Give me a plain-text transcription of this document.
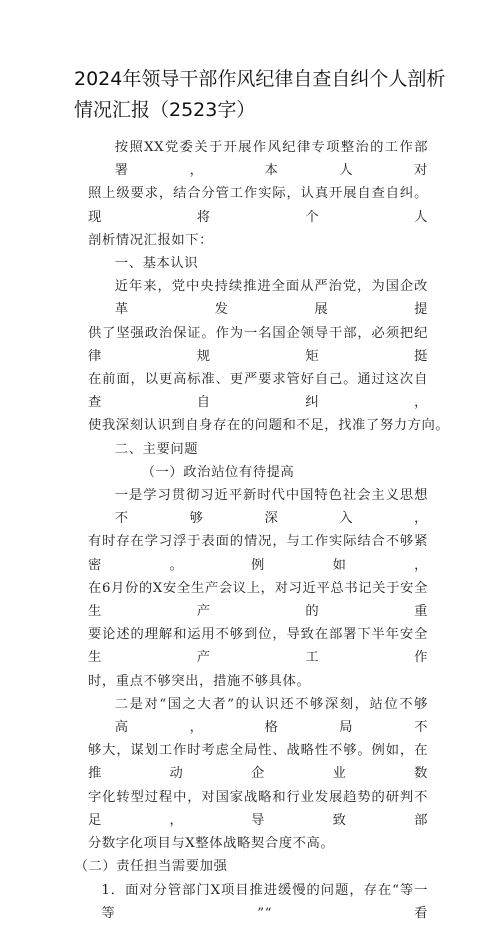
2024年领导干部作风纪律自查自纠个人剖析
情况汇报（2523字）
按照XX党委关于开展作风纪律专项整治的工作部署，本人对
照上级要求，结合分管工作实际，认真开展自查自纠。现将个人
剖析情况汇报如下：
一、基本认识
近年来，党中央持续推进全面从严治党，为国企改革发展提
供了坚强政治保证。作为一名国企领导干部，必须把纪律规矩挺
在前面，以更高标准、更严要求管好自己。通过这次自查自纠，
使我深刻认识到自身存在的问题和不足，找准了努力方向。
二、主要问题
（一）政治站位有待提高
一是学习贯彻习近平新时代中国特色社会主义思想不够深入，
有时存在学习浮于表面的情况，与工作实际结合不够紧密。例如，
在6月份的X安全生产会议上，对习近平总书记关于安全生产的重
要论述的理解和运用不够到位，导致在部署下半年安全生产工作
时，重点不够突出，措施不够具体。
二是对“国之大者”的认识还不够深刻，站位不够高，格局不
够大，谋划工作时考虑全局性、战略性不够。例如，在推动企业数
字化转型过程中，对国家战略和行业发展趋势的研判不足，导致部
分数字化项目与X整体战略契合度不高。
（二）责任担当需要加强
1．面对分管部门X项目推进缓慢的问题，存在“等一等”“看
